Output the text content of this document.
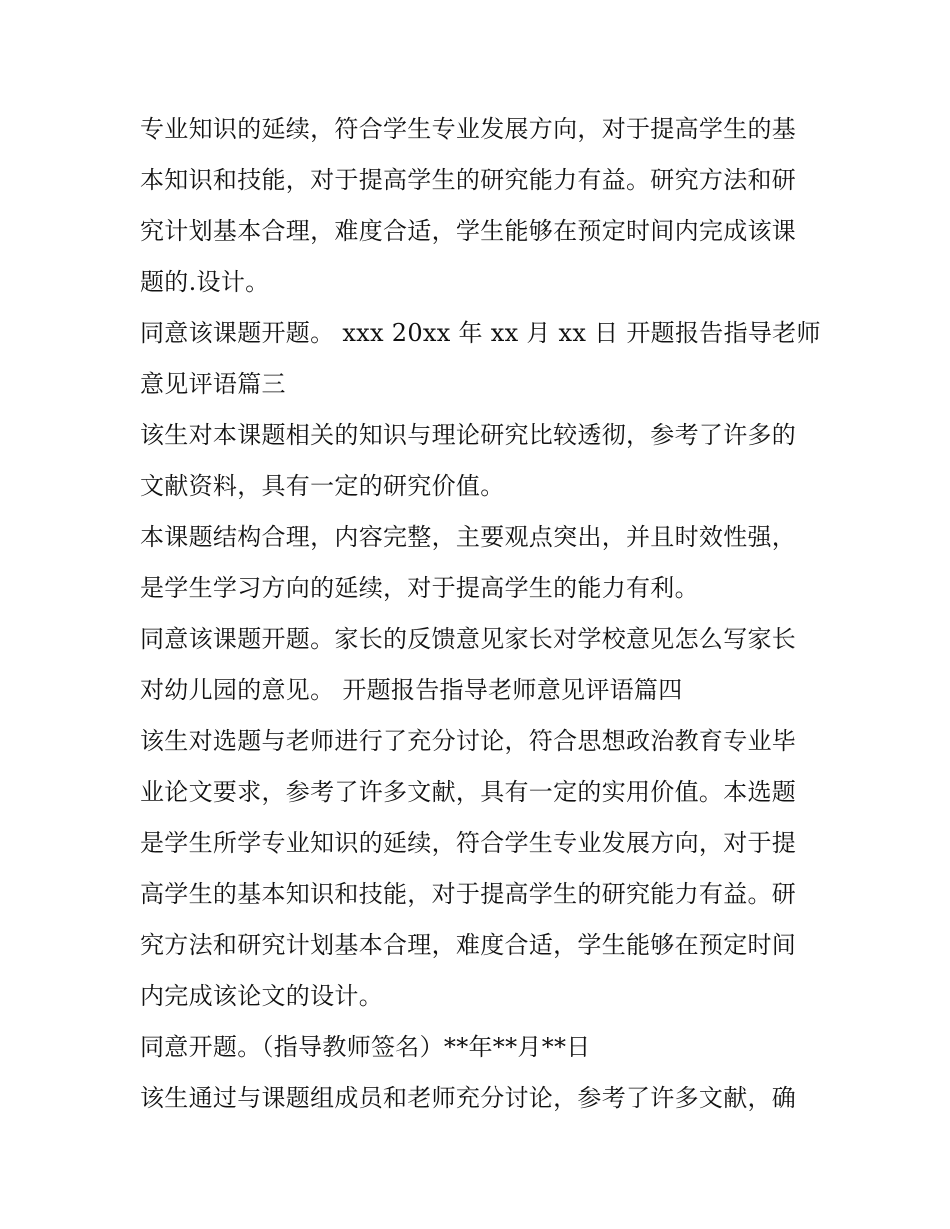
专业知识的延续，符合学生专业发展方向，对于提高学生的基
本知识和技能，对于提高学生的研究能力有益。研究方法和研
究计划基本合理，难度合适，学生能够在预定时间内完成该课
题的.设计。

同意该课题开题。 xxx 20xx 年 xx 月 xx 日 开题报告指导老师
意见评语篇三

该生对本课题相关的知识与理论研究比较透彻，参考了许多的
文献资料，具有一定的研究价值。

本课题结构合理，内容完整，主要观点突出，并且时效性强，
是学生学习方向的延续，对于提高学生的能力有利。

同意该课题开题。家长的反馈意见家长对学校意见怎么写家长
对幼儿园的意见。 开题报告指导老师意见评语篇四

该生对选题与老师进行了充分讨论，符合思想政治教育专业毕
业论文要求，参考了许多文献，具有一定的实用价值。本选题
是学生所学专业知识的延续，符合学生专业发展方向，对于提
高学生的基本知识和技能，对于提高学生的研究能力有益。研
究方法和研究计划基本合理，难度合适，学生能够在预定时间
内完成该论文的设计。

同意开题。（指导教师签名）**年**月**日

该生通过与课题组成员和老师充分讨论，参考了许多文献，确
